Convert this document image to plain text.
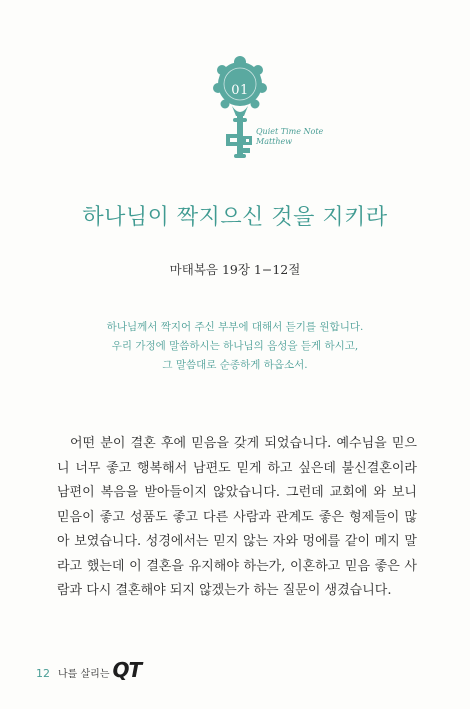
01
Quiet Time Note
Matthew
하나님이 짝지으신 것을 지키라
마태복음 19장 1−12절
하나님께서 짝지어 주신 부부에 대해서 듣기를 원합니다.
우리 가정에 말씀하시는 하나님의 음성을 듣게 하시고,
그 말씀대로 순종하게 하옵소서.

어떤 분이 결혼 후에 믿음을 갖게 되었습니다. 예수님을 믿으니 너무 좋고 행복해서 남편도 믿게 하고 싶은데 불신결혼이라 남편이 복음을 받아들이지 않았습니다. 그런데 교회에 와 보니 믿음이 좋고 성품도 좋고 다른 사람과 관계도 좋은 형제들이 많아 보였습니다. 성경에서는 믿지 않는 자와 멍에를 같이 메지 말라고 했는데 이 결혼을 유지해야 하는가, 이혼하고 믿음 좋은 사람과 다시 결혼해야 되지 않겠는가 하는 질문이 생겼습니다.

12 나를 살리는 QT
